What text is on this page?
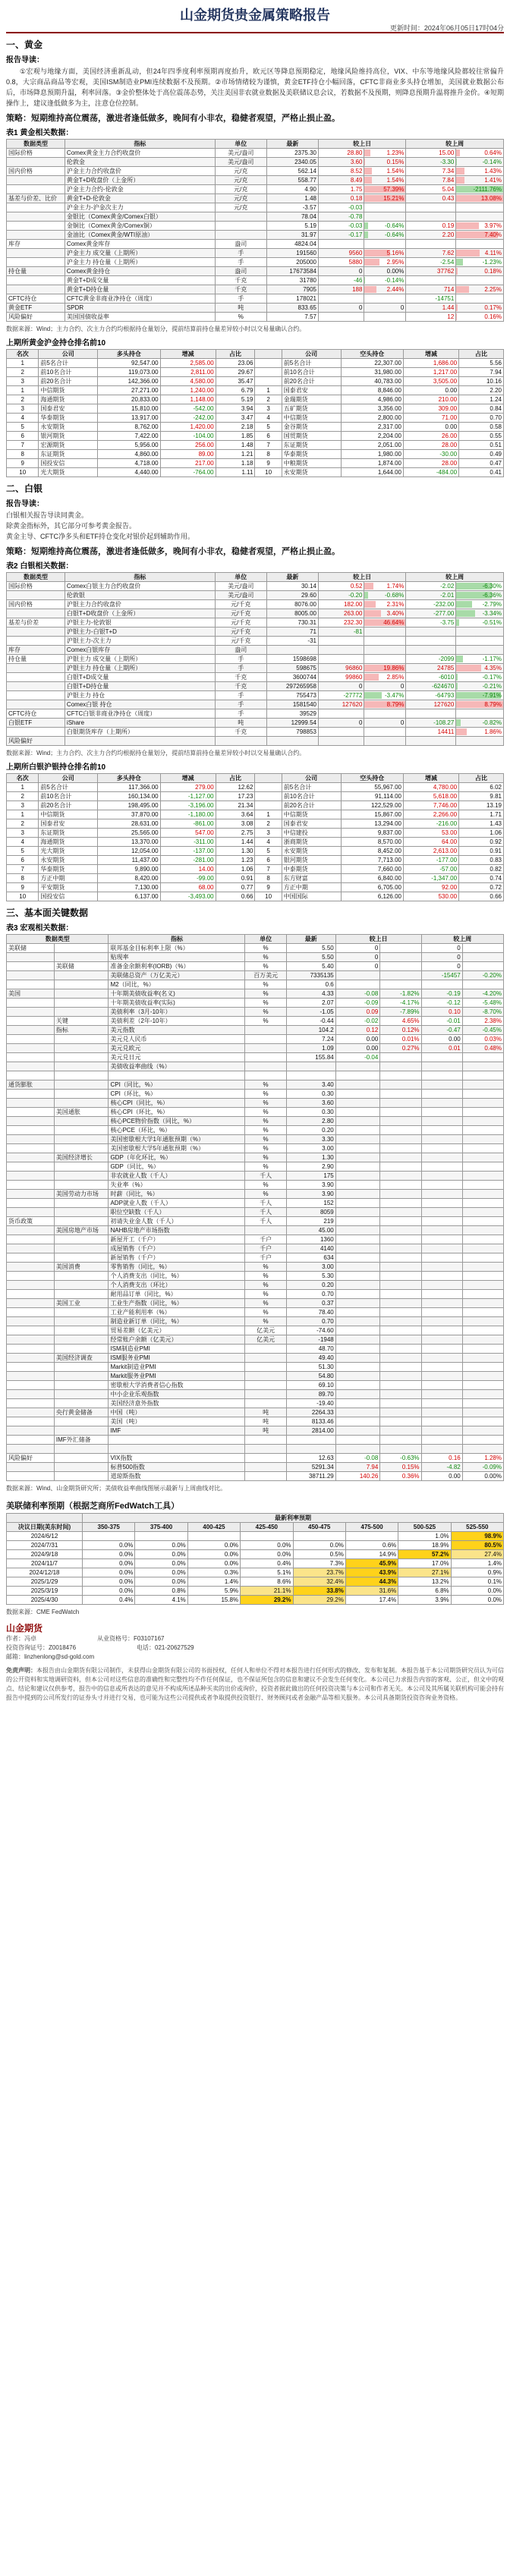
山金期货贵金属策略报告
更新时间：2024年06月05日17时04分
一、黄金
报告导读：

①宏观与地缘方面，美国经济重新乱动，但24年四季度利率预期再度抬升，欧元区等降息预期稳定，地缘风险维持高位，VIX、中东等地缘风险都较往常偏升0.8，大宗商品商品等宏观，美国ISM制造业PMI连续数据不及预期。②市场情绪较为谨慎，黄金ETF持仓小幅回落，CFTC非商业多头持仓增加，美国就业数据公布后，市场降息预期升温，利率回落。③金价整体处于高位震荡态势，关注美国非农就业数据及美联储议息会议，若数据不及预期，则降息预期升温将推升金价。④短期操作上，建议逢低做多为主，注意仓位控制。

策略：短期维持高位震荡，激进者逢低做多，晚间有小非农，稳健者观望，严格止损止盈。
表1 黄金相关数据：
数据类型	指标	单位	最新	较上日		较上周	
国际价格	Comex黄金主力合约收盘价	美元/盎司	2375.30	28.80	1.23%	15.00	0.64%
	伦敦金	美元/盎司	2340.05	3.60	0.15%	-3.30	-0.14%
国内价格	沪金主力合约收盘价	元/克	562.14	8.52	1.54%	7.34	1.43%
	黄金T+D收盘价（上金所）	元/克	558.77	8.49	1.54%	7.84	1.41%
	沪金主力合约-伦敦金	元/克	4.90	1.75	57.39%	5.04	-2111.76%
基差与价差、比价	黄金T+D-伦敦金	元/克	1.48	0.18	15.21%	0.43	13.08%
	沪金主力-沪金次主力	元/克	-3.57	-0.03			
	金银比（Comex黄金/Comex白银）		78.04	-0.78			
	金铜比（Comex黄金/Comex铜）		5.19	-0.03	-0.64%	0.19	3.97%
	金油比（Comex黄金/WTI原油）		31.97	-0.17	-0.64%	2.20	7.40%
库存	Comex黄金库存	盎司	4824.04				
	沪金主力 成交量（上期所）	手	191560	9560	5.16%	7.62	4.11%
	沪金主力 持仓量（上期所）	手	205000	5880	2.95%	-2.54	-1.23%
持仓量	Comex黄金持仓	盎司	17673584	0	0.00%	37762	0.18%
	黄金T+D成交量	千克	31780	-46	-0.14%		
	黄金T+D持仓量	千克	7905	188	2.44%	714	2.25%
CFTC持仓	CFTC黄金非商业净持仓（周度）	手	178021			-14751	
黄金ETF	SPDR	吨	833.65	0	0	1.44	0.17%
风险偏好	美国国债收益率	%	7.57			12	0.16%
数据来源：Wind；主力合约、次主力合约均根据持仓量划分，提前结算前持仓量差异较小时以交易量确认合约。
上期所黄金沪金持仓排名前10
名次	公司	多头持仓	增减	占比		公司	空头持仓	增减	占比
1	前5名合计	92,547.00	2,585.00	23.06		前5名合计	22,307.00	1,686.00	5.56
2	前10名合计	119,073.00	2,811.00	29.67		前10名合计	31,980.00	1,217.00	7.94
3	前20名合计	142,366.00	4,580.00	35.47		前20名合计	40,783.00	3,505.00	10.16
1	中信期货	27,271.00	1,240.00	6.79	1	国泰君安	8,846.00	0.00	2.20
2	海通期货	20,833.00	1,148.00	5.19	2	金瑞期货	4,986.00	210.00	1.24
3	国泰君安	15,810.00	-542.00	3.94	3	五矿期货	3,356.00	309.00	0.84
4	华泰期货	13,917.00	-242.00	3.47	4	中信期货	2,800.00	71.00	0.70
5	永安期货	8,762.00	1,420.00	2.18	5	金谷期货	2,317.00	0.00	0.58
6	银河期货	7,422.00	-104.00	1.85	6	国贸期货	2,204.00	26.00	0.55
7	宏源期货	5,956.00	256.00	1.48	7	东证期货	2,051.00	28.00	0.51
8	东证期货	4,860.00	89.00	1.21	8	华泰期货	1,980.00	-30.00	0.49
9	国投安信	4,718.00	217.00	1.18	9	中粮期货	1,874.00	28.00	0.47
10	光大期货	4,440.00	-764.00	1.11	10	永安期货	1,644.00	-484.00	0.41
二、白银
报告导读：
白银相关报告导读同黄金。
除黄金指标外，其它部分可参考黄金报告。
黄金主导、CFTC净多头和ETF持仓变化对银价起到辅助作用。
策略：短期维持高位震荡，激进者逢低做多，晚间有小非农，稳健者观望，严格止损止盈。
表2 白银相关数据：
数据类型	指标	单位	最新	较上日		较上周	
国际价格	Comex白银主力合约收盘价	美元/盎司	30.14	0.52	1.74%	-2.02	-6.30%
	伦敦银	美元/盎司	29.60	-0.20	-0.68%	-2.01	-6.36%
国内价格	沪银主力合约收盘价	元/千克	8076.00	182.00	2.31%	-232.00	-2.79%
	白银T+D收盘价（上金所）	元/千克	8005.00	263.00	3.40%	-277.00	-3.34%
基差与价差	沪银主力-伦敦银	元/千克	730.31	232.30	46.64%	-3.75	-0.51%
	沪银主力-白银T+D	元/千克	71	-81			
	沪银主力-次主力	元/千克	-31				
库存	Comex白银库存	盎司					
持仓量	沪银主力 成交量（上期所）	手	1598698			-2099	-1.17%
	沪银主力 持仓量（上期所）	手	598675	96860	19.86%	24785	4.35%
	白银T+D成交量	千克	3600744	99860	2.85%	-6010	-0.17%
	白银T+D持仓量	千克	297265958	0	0	-624670	-0.21%
	沪银主力 持仓	手	755473	-27772	-3.47%	-64793	-7.91%
	Comex白银 持仓	手	1581540	127620	8.79%	127620	8.79%
CFTC持仓	CFTC白银非商业净持仓（周度）	手	39529				
白银ETF	iShare	吨	12999.54	0	0	-108.27	-0.82%
	白银期货库存（上期所）	千克	798853			14411	1.86%
风险偏好							
数据来源：Wind；主力合约、次主力合约均根据持仓量划分，提前结算前持仓量差异较小时以交易量确认合约。
上期所白银沪银持仓排名前10
名次	公司	多头持仓	增减	占比		公司	空头持仓	增减	占比
1	前5名合计	117,366.00	279.00	12.62		前5名合计	55,967.00	4,780.00	6.02
2	前10名合计	160,134.00	-1,127.00	17.23		前10名合计	91,114.00	5,618.00	9.81
3	前20名合计	198,495.00	-3,196.00	21.34		前20名合计	122,529.00	7,746.00	13.19
1	中信期货	37,870.00	-1,180.00	3.64	1	中信期货	15,867.00	2,266.00	1.71
2	国泰君安	28,631.00	-861.00	3.08	2	国泰君安	13,294.00	-216.00	1.43
3	东证期货	25,565.00	547.00	2.75	3	中信建投	9,837.00	53.00	1.06
4	海通期货	13,370.00	-311.00	1.44	4	浙商期货	8,570.00	64.00	0.92
5	光大期货	12,054.00	-137.00	1.30	5	永安期货	8,452.00	2,613.00	0.91
6	永安期货	11,437.00	-281.00	1.23	6	银河期货	7,713.00	-177.00	0.83
7	华泰期货	9,890.00	14.00	1.06	7	中泰期货	7,660.00	-57.00	0.82
8	方正中期	8,420.00	-99.00	0.91	8	东方财富	6,840.00	-1,347.00	0.74
9	平安期货	7,130.00	68.00	0.77	9	方正中期	6,705.00	92.00	0.72
10	国投安信	6,137.00	-3,493.00	0.66	10	中国国际	6,126.00	530.00	0.66
三、基本面关键数据
表3 宏观相关数据：
数据类型		指标	单位	最新	较上日		较上周	
美联储		联邦基金目标利率上限（%）	%	5.50	0		0	
		贴现率	%	5.50	0		0	
	美联储	准备金余额利率(IORB)（%）	%	5.40	0		0	
		美联储总资产（万亿美元）	百万美元	7335135			-15457	-0.20%
		M2（同比，%）	%	0.6				
美国		十年期美债收益率(名义)	%	4.33	-0.08	-1.82%	-0.19	-4.20%
		十年期美债收益率(实际)	%	2.07	-0.09	-4.17%	-0.12	-5.48%
		美债利率（3月-10年）	%	-1.05	0.09	-7.89%	0.10	-8.70%
	关键	美债利差（2年-10年）	%	-0.44	-0.02	4.65%	-0.01	2.38%
	指标	美元指数		104.2	0.12	0.12%	-0.47	-0.45%
		美元兑人民币		7.24	0.00	0.01%	0.00	0.03%
		美元兑欧元		1.09	0.00	0.27%	0.01	0.48%
		美元兑日元		155.84	-0.04			
		美债收益率曲线（%）						

通货膨胀		CPI（同比，%）	%	3.40				
		CPI（环比，%）	%	0.30				
		核心CPI（同比，%）	%	3.60				
	美国通胀	核心CPI（环比，%）	%	0.30				
		核心PCE物价指数（同比，%）	%	2.80				
		核心PCE（环比，%）	%	0.20				
		美国密歇根大学1年通胀预期（%）	%	3.30				
		美国密歇根大学5年通胀预期（%）	%	3.00				
	美国经济增长	GDP（年化环比，%）	%	1.30				
		GDP（同比，%）	%	2.90				
		非农就业人数（千人）	千人	175				
		失业率（%）	%	3.90				
	美国劳动力市场	时薪（同比，%）	%	3.90				
		ADP就业人数（千人）	千人	152				
		职位空缺数（千人）	千人	8059				
货币政策		初请失业金人数（千人）	千人	219				
	美国房地产市场	NAHB房地产市场指数		45.00				
		新屋开工（千户）	千户	1360				
		成屋销售（千户）	千户	4140				
		新屋销售（千户）	千户	634				
	美国消费	零售销售（同比，%）	%	3.00				
		个人消费支出（同比，%）	%	5.30				
		个人消费支出（环比）	%	0.20				
		耐用品订单（同比，%）	%	0.70				
	美国工业	工业生产指数（同比，%）	%	0.37				
		工业产能利用率（%）	%	78.40				
		制造业新订单（同比，%）	%	0.70				
		贸易差额（亿美元）	亿美元	-74.60				
		经常账户余额（亿美元）	亿美元	-1948				
		ISM制造业PMI		48.70				
	美国经济调查	ISM服务业PMI		49.40				
		Markit制造业PMI		51.30				
		Markit服务业PMI		54.80				
		密歇根大学消费者信心指数		69.10				
		中小企业乐观指数		89.70				
		美国经济意外指数		-19.40				
	央行黄金储备	中国（吨）	吨	2264.33				
		美国（吨）	吨	8133.46				
		IMF	吨	2814.00				
	IMF外汇储备							

风险偏好		VIX指数		12.63	-0.08	-0.63%	0.16	1.28%
		标普500指数		5291.34	7.94	0.15%	-4.82	-0.09%
		道琼斯指数		38711.29	140.26	0.36%	0.00	0.00%
数据来源：Wind、山金期货研究所；美债收益率曲线图展示最新与上周曲线对比。
美联储利率预期（根据芝商所FedWatch工具）
	最新利率预期							
决议日期(美东时间)	350-375	375-400	400-425	425-450	450-475	475-500	500-525	525-550
2024/6/12							1.0%	98.9%
2024/7/31	0.0%	0.0%	0.0%	0.0%	0.0%	0.6%	18.9%	80.5%
2024/9/18	0.0%	0.0%	0.0%	0.0%	0.5%	14.9%	57.2%	27.4%
2024/11/7	0.0%	0.0%	0.0%	0.4%	7.3%	45.9%	17.0%	1.4%
2024/12/18	0.0%	0.0%	0.3%	5.1%	23.7%	43.9%	27.1%	0.9%
2025/1/29	0.0%	0.0%	1.4%	8.6%	32.4%	44.3%	13.2%	0.1%
2025/3/19	0.0%	0.8%	5.9%	21.1%	33.8%	31.6%	6.8%	0.0%
2025/4/30	0.4%	4.1%	15.8%	29.2%	29.2%	17.4%	3.9%	0.0%
数据来源：CME FedWatch
山金期货
作者：冯卓	从业资格号：F03107167
投资咨询证号：Z0018476	电话：021-20627529
邮箱：linzhenlong@sd-gold.com
免责声明：本报告由山金期货有限公司制作，未获得山金期货有限公司的书面授权，任何人和单位不得对本报告进行任何形式的修改、发布和复制。本报告基于本公司期货研究员认为可信的公开资料和实地调研资料，但本公司对这些信息的准确性和完整性均不作任何保证，也不保证所包含的信息和建议不会发生任何变化。本公司已力求报告内容的客观、公正，但文中的观点、结论和建议仅供参考，报告中的信息或所表达的意见并不构成所述品种买卖的出价或询价，投资者据此做出的任何投资决策与本公司和作者无关。本公司及其所属关联机构可能会持有报告中提到的公司所发行的证券头寸并进行交易，也可能为这些公司提供或者争取提供投资银行、财务顾问或者金融产品等相关服务。本公司具备期货投资咨询业务资格。
